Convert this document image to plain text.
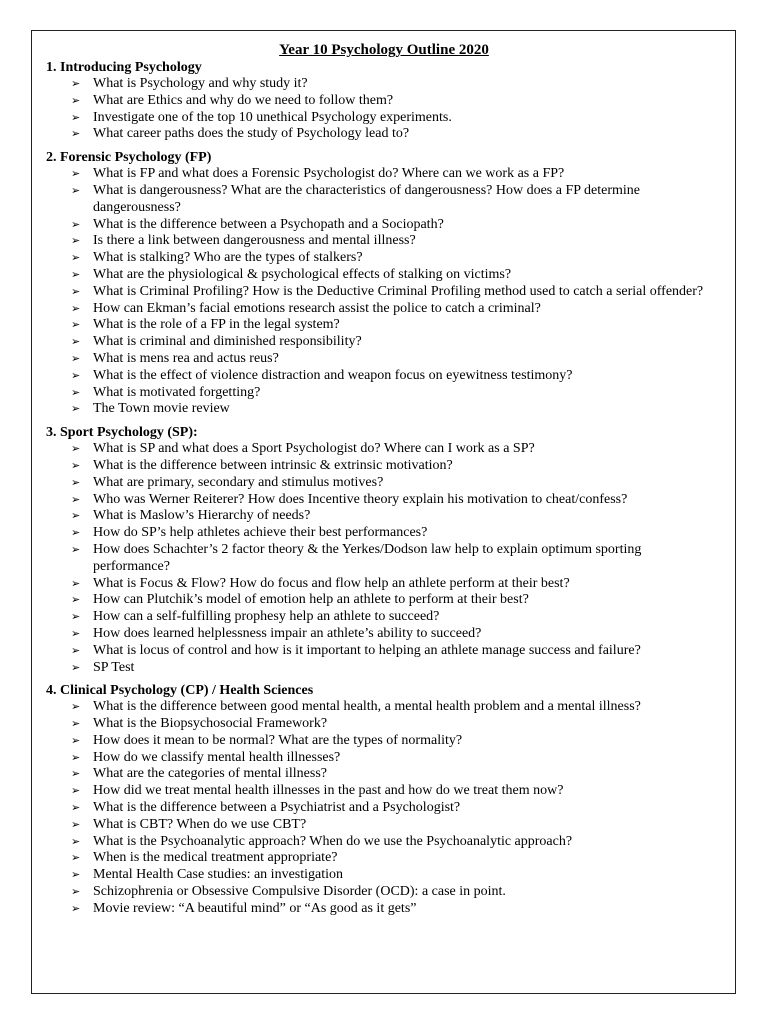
Year 10 Psychology Outline 2020
1. Introducing Psychology
➢ What is Psychology and why study it?
➢ What are Ethics and why do we need to follow them?
➢ Investigate one of the top 10 unethical Psychology experiments.
➢ What career paths does the study of Psychology lead to?
2. Forensic Psychology (FP)
➢ What is FP and what does a Forensic Psychologist do? Where can we work as a FP?
➢ What is dangerousness? What are the characteristics of dangerousness? How does a FP determine dangerousness?
➢ What is the difference between a Psychopath and a Sociopath?
➢ Is there a link between dangerousness and mental illness?
➢ What is stalking? Who are the types of stalkers?
➢ What are the physiological & psychological effects of stalking on victims?
➢ What is Criminal Profiling? How is the Deductive Criminal Profiling method used to catch a serial offender?
➢ How can Ekman’s facial emotions research assist the police to catch a criminal?
➢ What is the role of a FP in the legal system?
➢ What is criminal and diminished responsibility?
➢ What is mens rea and actus reus?
➢ What is the effect of violence distraction and weapon focus on eyewitness testimony?
➢ What is motivated forgetting?
➢ The Town movie review
3. Sport Psychology (SP):
➢ What is SP and what does a Sport Psychologist do? Where can I work as a SP?
➢ What is the difference between intrinsic & extrinsic motivation?
➢ What are primary, secondary and stimulus motives?
➢ Who was Werner Reiterer? How does Incentive theory explain his motivation to cheat/confess?
➢ What is Maslow’s Hierarchy of needs?
➢ How do SP’s help athletes achieve their best performances?
➢ How does Schachter’s 2 factor theory & the Yerkes/Dodson law help to explain optimum sporting performance?
➢ What is Focus & Flow? How do focus and flow help an athlete perform at their best?
➢ How can Plutchik’s model of emotion help an athlete to perform at their best?
➢ How can a self-fulfilling prophesy help an athlete to succeed?
➢ How does learned helplessness impair an athlete’s ability to succeed?
➢ What is locus of control and how is it important to helping an athlete manage success and failure?
➢ SP Test
4. Clinical Psychology (CP) / Health Sciences
➢ What is the difference between good mental health, a mental health problem and a mental illness?
➢ What is the Biopsychosocial Framework?
➢ How does it mean to be normal? What are the types of normality?
➢ How do we classify mental health illnesses?
➢ What are the categories of mental illness?
➢ How did we treat mental health illnesses in the past and how do we treat them now?
➢ What is the difference between a Psychiatrist and a Psychologist?
➢ What is CBT? When do we use CBT?
➢ What is the Psychoanalytic approach? When do we use the Psychoanalytic approach?
➢ When is the medical treatment appropriate?
➢ Mental Health Case studies: an investigation
➢ Schizophrenia or Obsessive Compulsive Disorder (OCD): a case in point.
➢ Movie review: “A beautiful mind” or “As good as it gets”
